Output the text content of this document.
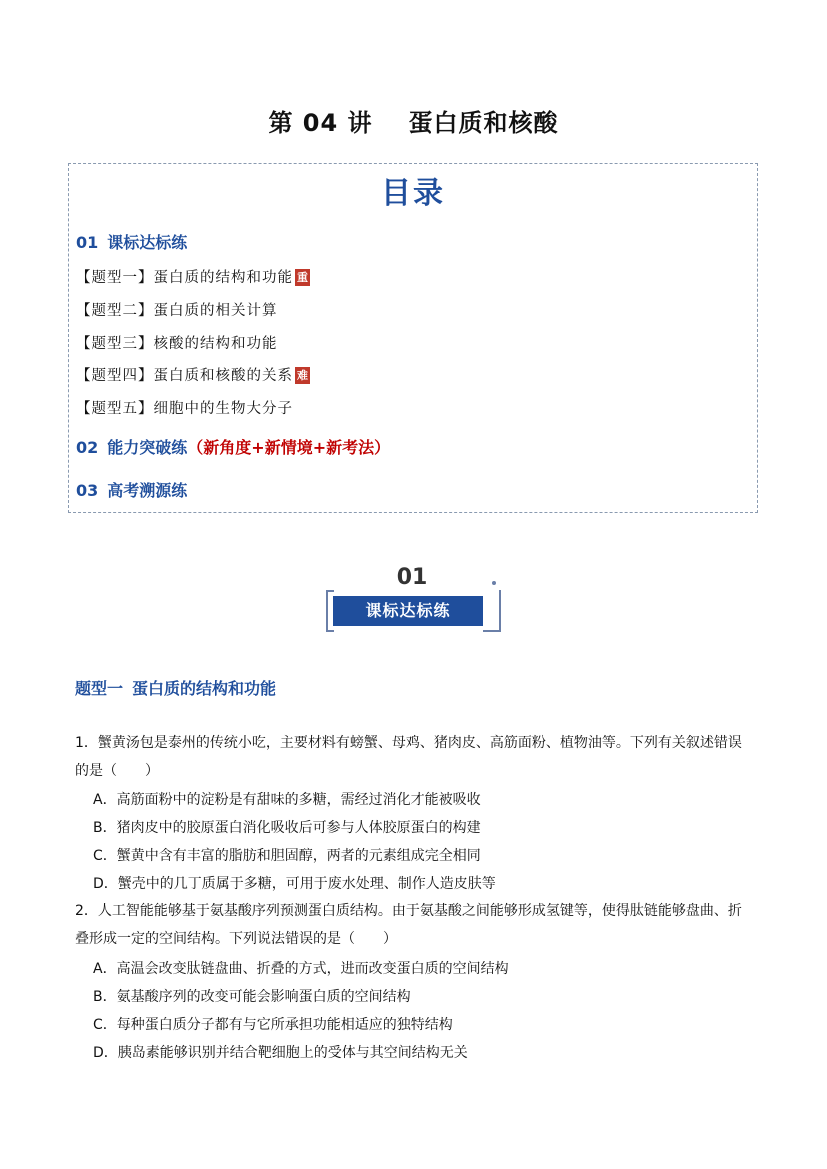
第 04 讲 蛋白质和核酸
目录
01 课标达标练
【题型一】蛋白质的结构和功能 重
【题型二】蛋白质的相关计算
【题型三】核酸的结构和功能
【题型四】蛋白质和核酸的关系 难
【题型五】细胞中的生物大分子
02 能力突破练（新角度+新情境+新考法）
03 高考溯源练
01
课标达标练
题型一 蛋白质的结构和功能
1．蟹黄汤包是泰州的传统小吃，主要材料有螃蟹、母鸡、猪肉皮、高筋面粉、植物油等。下列有关叙述错误的是（　　）
A．高筋面粉中的淀粉是有甜味的多糖，需经过消化才能被吸收
B．猪肉皮中的胶原蛋白消化吸收后可参与人体胶原蛋白的构建
C．蟹黄中含有丰富的脂肪和胆固醇，两者的元素组成完全相同
D．蟹壳中的几丁质属于多糖，可用于废水处理、制作人造皮肤等
2．人工智能能够基于氨基酸序列预测蛋白质结构。由于氨基酸之间能够形成氢键等，使得肽链能够盘曲、折叠形成一定的空间结构。下列说法错误的是（　　）
A．高温会改变肽链盘曲、折叠的方式，进而改变蛋白质的空间结构
B．氨基酸序列的改变可能会影响蛋白质的空间结构
C．每种蛋白质分子都有与它所承担功能相适应的独特结构
D．胰岛素能够识别并结合靶细胞上的受体与其空间结构无关
